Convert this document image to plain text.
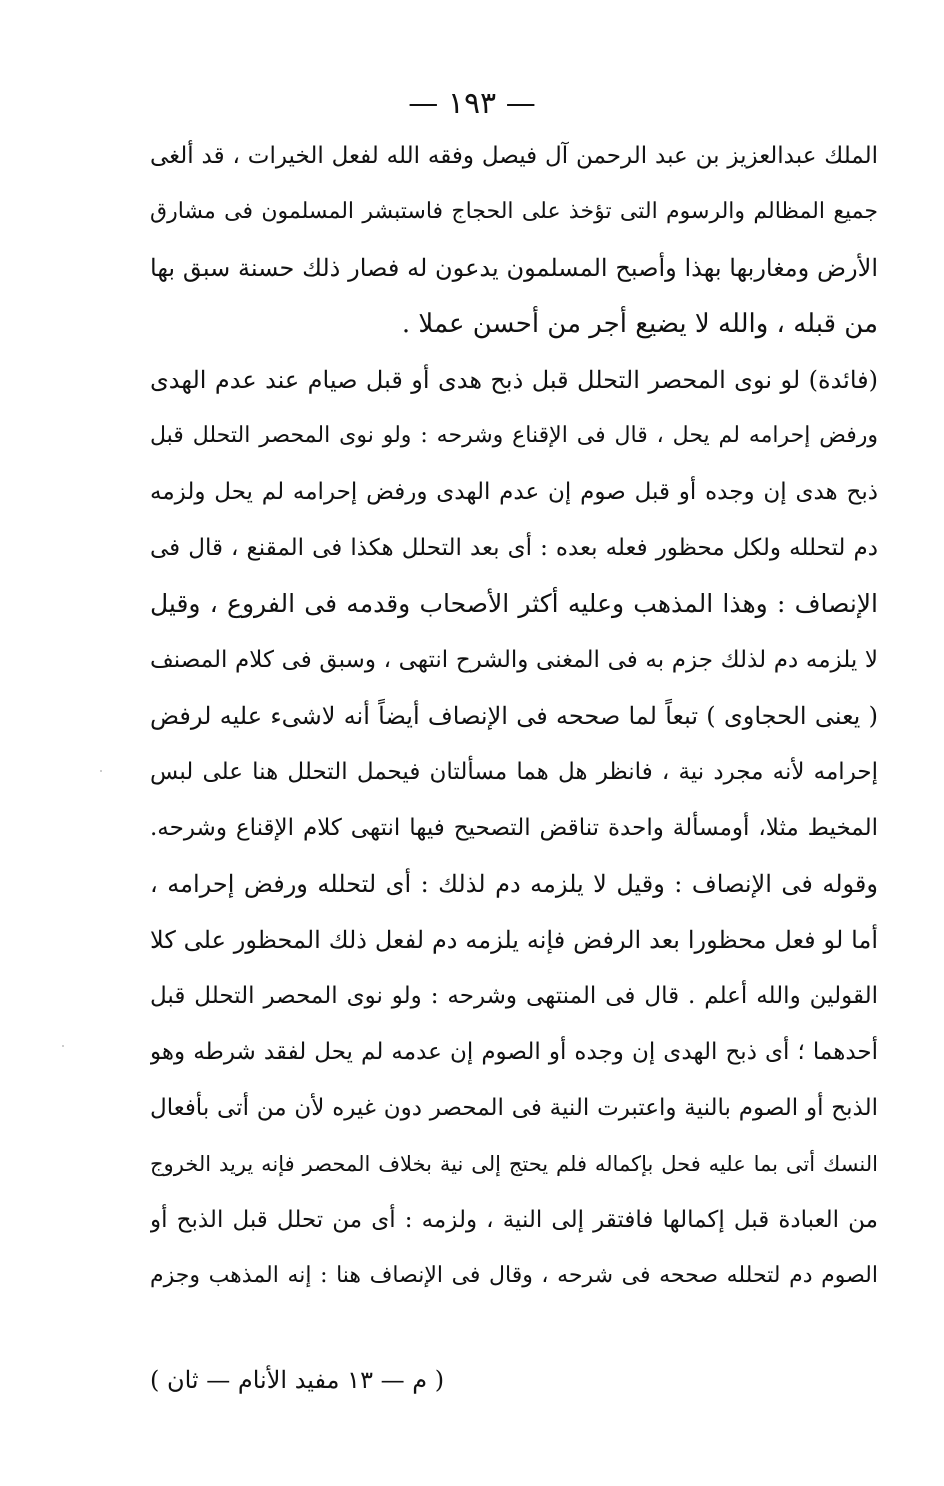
— ١٩٣ —
الملك عبدالعزيز بن عبد الرحمن آل فيصل وفقه الله لفعل الخيرات ، قد ألغى
جميع المظالم والرسوم التى تؤخذ على الحجاج فاستبشر المسلمون فى مشارق
الأرض ومغاربها بهذا وأصبح المسلمون يدعون له فصار ذلك حسنة سبق بها
من قبله ، والله لا يضيع أجر من أحسن عملا .
(فائدة) لو نوى المحصر التحلل قبل ذبح هدى أو قبل صيام عند عدم الهدى
ورفض إحرامه لم يحل ، قال فى الإقناع وشرحه : ولو نوى المحصر التحلل قبل
ذبح هدى إن وجده أو قبل صوم إن عدم الهدى ورفض إحرامه لم يحل ولزمه
دم لتحلله ولكل محظور فعله بعده : أى بعد التحلل هكذا فى المقنع ، قال فى
الإنصاف : وهذا المذهب وعليه أكثر الأصحاب وقدمه فى الفروع ، وقيل
لا يلزمه دم لذلك جزم به فى المغنى والشرح انتهى ، وسبق فى كلام المصنف
( يعنى الحجاوى ) تبعاً لما صححه فى الإنصاف أيضاً أنه لاشىء عليه لرفض
إحرامه لأنه مجرد نية ، فانظر هل هما مسألتان فيحمل التحلل هنا على لبس
المخيط مثلا، أومسألة واحدة تناقض التصحيح فيها انتهى كلام الإقناع وشرحه.
وقوله فى الإنصاف : وقيل لا يلزمه دم لذلك : أى لتحلله ورفض إحرامه ،
أما لو فعل محظورا بعد الرفض فإنه يلزمه دم لفعل ذلك المحظور على كلا
القولين والله أعلم . قال فى المنتهى وشرحه : ولو نوى المحصر التحلل قبل
أحدهما ؛ أى ذبح الهدى إن وجده أو الصوم إن عدمه لم يحل لفقد شرطه وهو
الذبح أو الصوم بالنية واعتبرت النية فى المحصر دون غيره لأن من أتى بأفعال
النسك أتى بما عليه فحل بإكماله فلم يحتج إلى نية بخلاف المحصر فإنه يريد الخروج
من العبادة قبل إكمالها فافتقر إلى النية ، ولزمه : أى من تحلل قبل الذبح أو
الصوم دم لتحلله صححه فى شرحه ، وقال فى الإنصاف هنا : إنه المذهب وجزم
( م — ١٣ مفيد الأنام — ثان )
